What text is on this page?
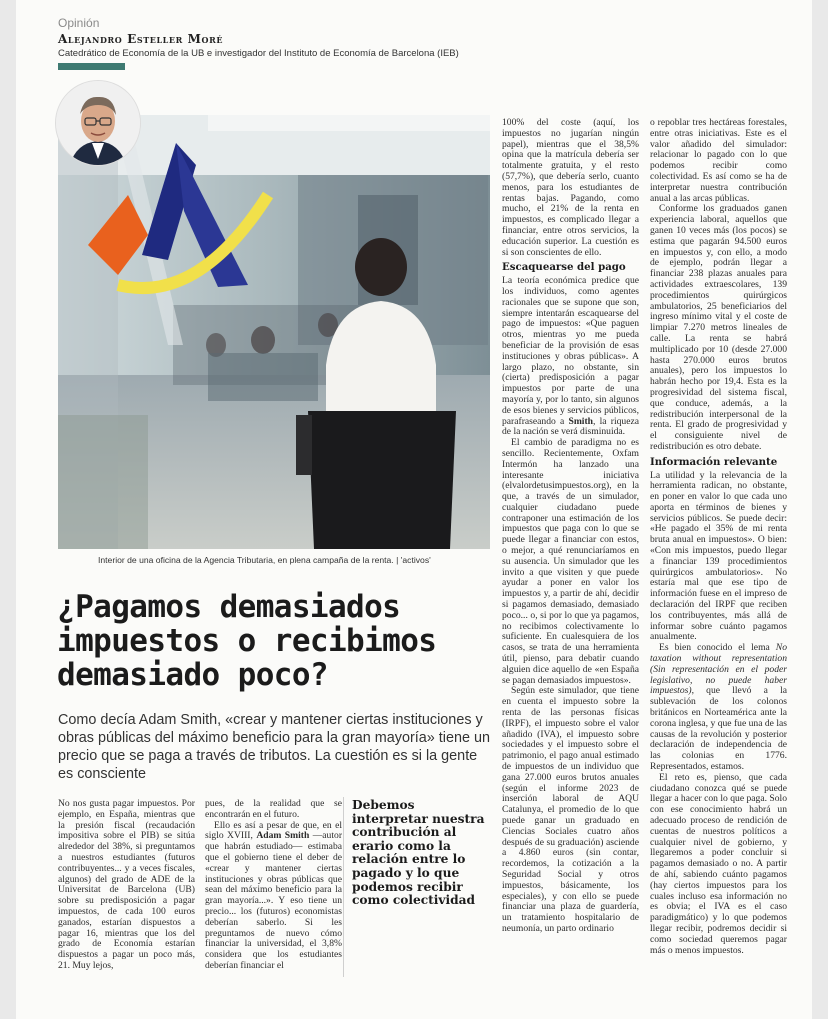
Opinión
Alejandro Esteller Moré
Catedrático de Economía de la UB e investigador del Instituto de Economía de Barcelona (IEB)
Interior de una oficina de la Agencia Tributaria, en plena campaña de la renta. | 'activos'
¿Pagamos demasiados
impuestos o recibimos
demasiado poco?

Como decía Adam Smith, «crear y mantener ciertas instituciones y obras públicas del máximo beneficio para la gran mayoría» tiene un precio que se paga a través de tributos. La cuestión es si la gente es consciente

No nos gusta pagar impuestos. Por ejemplo, en España, mientras que la presión fiscal (recaudación impositiva sobre el PIB) se sitúa alrededor del 38%, si preguntamos a nuestros estudiantes (futuros contribuyentes... y a veces fiscales, algunos) del grado de ADE de la Universitat de Barcelona (UB) sobre su predisposición a pagar impuestos, de cada 100 euros ganados, estarían dispuestos a pagar 16, mientras que los del grado de Economía estarían dispuestos a pagar un poco más, 21. Muy lejos,

pues, de la realidad que se encontrarán en el futuro.

Ello es así a pesar de que, en el siglo XVIII, Adam Smith —autor que habrán estudiado— estimaba que el gobierno tiene el deber de «crear y mantener ciertas instituciones y obras públicas que sean del máximo beneficio para la gran mayoría...». Y eso tiene un precio... los (futuros) economistas deberían saberlo. Si les preguntamos de nuevo cómo financiar la universidad, el 3,8% considera que los estudiantes deberían financiar el

Debemos interpretar nuestra contribución al erario como la relación entre lo pagado y lo que podemos recibir como colectividad

100% del coste (aquí, los impuestos no jugarían ningún papel), mientras que el 38,5% opina que la matrícula debería ser totalmente gratuita, y el resto (57,7%), que debería serlo, cuanto menos, para los estudiantes de rentas bajas. Pagando, como mucho, el 21% de la renta en impuestos, es complicado llegar a financiar, entre otros servicios, la educación superior. La cuestión es si son conscientes de ello.

Escaquearse del pago

La teoría económica predice que los individuos, como agentes racionales que se supone que son, siempre intentarán escaquearse del pago de impuestos: «Que paguen otros, mientras yo me pueda beneficiar de la provisión de esas instituciones y obras públicas». A largo plazo, no obstante, sin (cierta) predisposición a pagar impuestos por parte de una mayoría y, por lo tanto, sin algunos de esos bienes y servicios públicos, parafraseando a Smith, la riqueza de la nación se verá disminuida.

El cambio de paradigma no es sencillo. Recientemente, Oxfam Intermón ha lanzado una interesante iniciativa (elvalordetusimpuestos.org), en la que, a través de un simulador, cualquier ciudadano puede contraponer una estimación de los impuestos que paga con lo que se puede llegar a financiar con estos, o mejor, a qué renunciaríamos en su ausencia. Un simulador que les invito a que visiten y que puede ayudar a poner en valor los impuestos y, a partir de ahí, decidir si pagamos demasiado, demasiado poco... o, si por lo que ya pagamos, no recibimos colectivamente lo suficiente. En cualesquiera de los casos, se trata de una herramienta útil, pienso, para debatir cuando alguien dice aquello de «en España se pagan demasiados impuestos».

Según este simulador, que tiene en cuenta el impuesto sobre la renta de las personas físicas (IRPF), el impuesto sobre el valor añadido (IVA), el impuesto sobre sociedades y el impuesto sobre el patrimonio, el pago anual estimado de impuestos de un individuo que gana 27.000 euros brutos anuales (según el informe 2023 de inserción laboral de AQU Catalunya, el promedio de lo que puede ganar un graduado en Ciencias Sociales cuatro años después de su graduación) asciende a 4.860 euros (sin contar, recordemos, la cotización a la Seguridad Social y otros impuestos, básicamente, los especiales), y con ello se puede financiar una plaza de guardería, un tratamiento hospitalario de neumonía, un parto ordinario

o repoblar tres hectáreas forestales, entre otras iniciativas. Este es el valor añadido del simulador: relacionar lo pagado con lo que podemos recibir como colectividad. Es así como se ha de interpretar nuestra contribución anual a las arcas públicas.

Conforme los graduados ganen experiencia laboral, aquellos que ganen 10 veces más (los pocos) se estima que pagarán 94.500 euros en impuestos y, con ello, a modo de ejemplo, podrán llegar a financiar 238 plazas anuales para actividades extraescolares, 139 procedimientos quirúrgicos ambulatorios, 25 beneficiarios del ingreso mínimo vital y el coste de limpiar 7.270 metros lineales de calle. La renta se habrá multiplicado por 10 (desde 27.000 hasta 270.000 euros brutos anuales), pero los impuestos lo habrán hecho por 19,4. Esta es la progresividad del sistema fiscal, que conduce, además, a la redistribución interpersonal de la renta. El grado de progresividad y el consiguiente nivel de redistribución es otro debate.

Información relevante

La utilidad y la relevancia de la herramienta radican, no obstante, en poner en valor lo que cada uno aporta en términos de bienes y servicios públicos. Se puede decir: «He pagado el 35% de mi renta bruta anual en impuestos». O bien: «Con mis impuestos, puedo llegar a financiar 139 procedimientos quirúrgicos ambulatorios». No estaría mal que ese tipo de información fuese en el impreso de declaración del IRPF que reciben los contribuyentes, más allá de informar sobre cuánto pagamos anualmente.

Es bien conocido el lema No taxation without representation (Sin representación en el poder legislativo, no puede haber impuestos), que llevó a la sublevación de los colonos británicos en Norteamérica ante la corona inglesa, y que fue una de las causas de la revolución y posterior declaración de independencia de las colonias en 1776. Representados, estamos.

El reto es, pienso, que cada ciudadano conozca qué se puede llegar a hacer con lo que paga. Solo con ese conocimiento habrá un adecuado proceso de rendición de cuentas de nuestros políticos a cualquier nivel de gobierno, y llegaremos a poder concluir si pagamos demasiado o no. A partir de ahí, sabiendo cuánto pagamos (hay ciertos impuestos para los cuales incluso esa información no es obvia; el IVA es el caso paradigmático) y lo que podemos llegar recibir, podremos decidir si como sociedad queremos pagar más o menos impuestos.
